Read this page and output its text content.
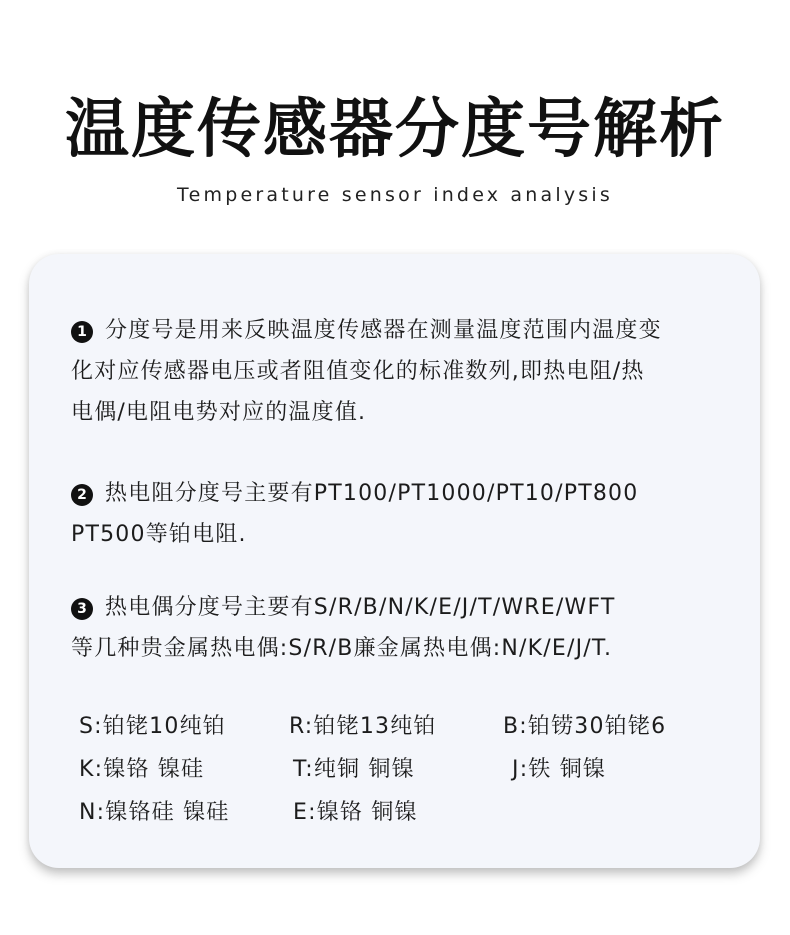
温度传感器分度号解析
Temperature sensor index analysis
1 分度号是用来反映温度传感器在测量温度范围内温度变
化对应传感器电压或者阻值变化的标准数列,即热电阻/热
电偶/电阻电势对应的温度值.
2 热电阻分度号主要有PT100/PT1000/PT10/PT800
PT500等铂电阻.
3 热电偶分度号主要有S/R/B/N/K/E/J/T/WRE/WFT
等几种贵金属热电偶:S/R/B廉金属热电偶:N/K/E/J/T.
S:铂铑10纯铂	R:铂铑13纯铂	B:铂铹30铂铑6
K:镍铬 镍硅	T:纯铜 铜镍	J:铁 铜镍
N:镍铬硅 镍硅	E:镍铬 铜镍
